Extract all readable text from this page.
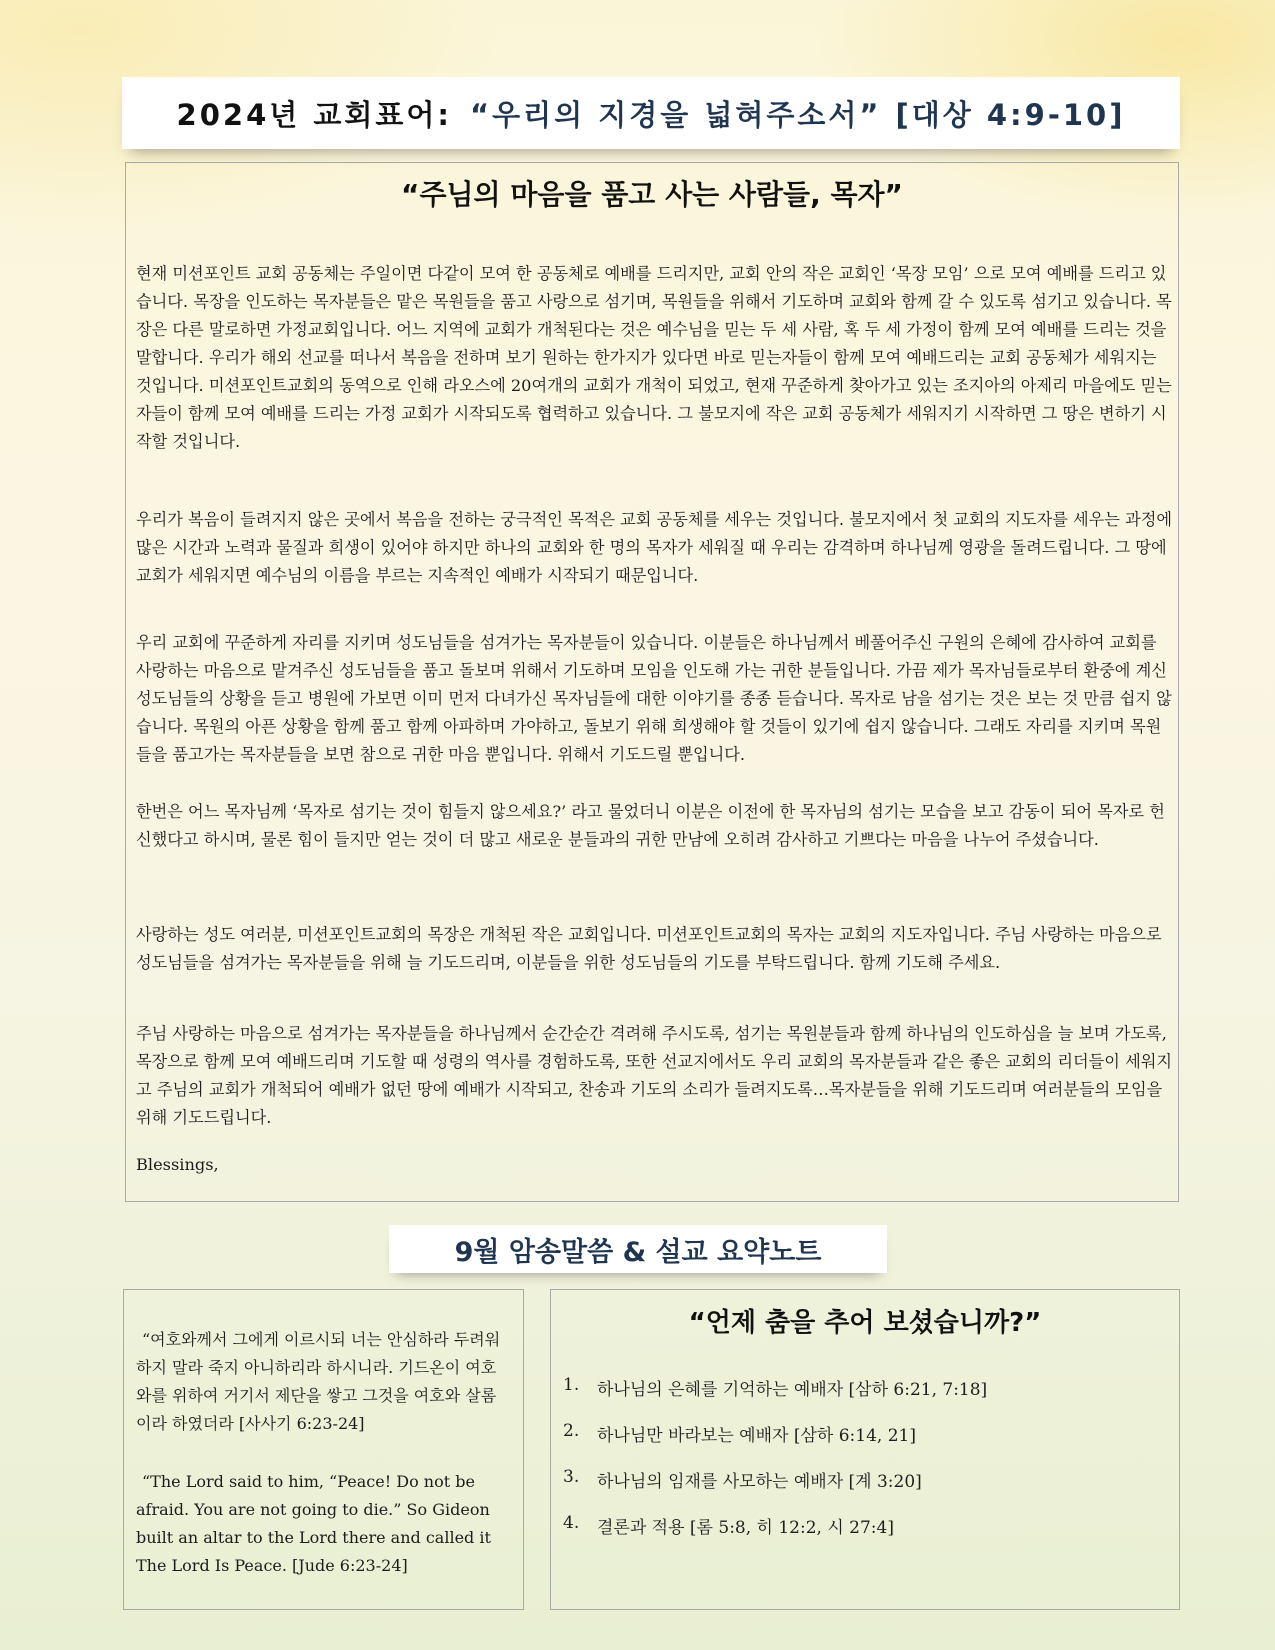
2024년 교회표어: “우리의 지경을 넓혀주소서” [대상 4:9-10]
“주님의 마음을 품고 사는 사람들, 목자”

현재 미션포인트 교회 공동체는 주일이면 다같이 모여 한 공동체로 예배를 드리지만, 교회 안의 작은 교회인 ‘목장 모임’ 으로 모여 예배를 드리고 있습니다. 목장을 인도하는 목자분들은 맡은 목원들을 품고 사랑으로 섬기며, 목원들을 위해서 기도하며 교회와 함께 갈 수 있도록 섬기고 있습니다. 목장은 다른 말로하면 가정교회입니다. 어느 지역에 교회가 개척된다는 것은 예수님을 믿는 두 세 사람, 혹 두 세 가정이 함께 모여 예배를 드리는 것을 말합니다. 우리가 해외 선교를 떠나서 복음을 전하며 보기 원하는 한가지가 있다면 바로 믿는자들이 함께 모여 예배드리는 교회 공동체가 세워지는 것입니다. 미션포인트교회의 동역으로 인해 라오스에 20여개의 교회가 개척이 되었고, 현재 꾸준하게 찾아가고 있는 조지아의 아제리 마을에도 믿는자들이 함께 모여 예배를 드리는 가정 교회가 시작되도록 협력하고 있습니다. 그 불모지에 작은 교회 공동체가 세워지기 시작하면 그 땅은 변하기 시작할 것입니다.

우리가 복음이 들려지지 않은 곳에서 복음을 전하는 궁극적인 목적은 교회 공동체를 세우는 것입니다. 불모지에서 첫 교회의 지도자를 세우는 과정에 많은 시간과 노력과 물질과 희생이 있어야 하지만 하나의 교회와 한 명의 목자가 세워질 때 우리는 감격하며 하나님께 영광을 돌려드립니다. 그 땅에 교회가 세워지면 예수님의 이름을 부르는 지속적인 예배가 시작되기 때문입니다.

우리 교회에 꾸준하게 자리를 지키며 성도님들을 섬겨가는 목자분들이 있습니다. 이분들은 하나님께서 베풀어주신 구원의 은혜에 감사하여 교회를 사랑하는 마음으로 맡겨주신 성도님들을 품고 돌보며 위해서 기도하며 모임을 인도해 가는 귀한 분들입니다. 가끔 제가 목자님들로부터 환중에 계신 성도님들의 상황을 듣고 병원에 가보면 이미 먼저 다녀가신 목자님들에 대한 이야기를 종종 듣습니다. 목자로 남을 섬기는 것은 보는 것 만큼 쉽지 않습니다. 목원의 아픈 상황을 함께 품고 함께 아파하며 가야하고, 돌보기 위해 희생해야 할 것들이 있기에 쉽지 않습니다. 그래도 자리를 지키며 목원들을 품고가는 목자분들을 보면 참으로 귀한 마음 뿐입니다. 위해서 기도드릴 뿐입니다.

한번은 어느 목자님께 ‘목자로 섬기는 것이 힘들지 않으세요?’ 라고 물었더니 이분은 이전에 한 목자님의 섬기는 모습을 보고 감동이 되어 목자로 헌신했다고 하시며, 물론 힘이 들지만 얻는 것이 더 많고 새로운 분들과의 귀한 만남에 오히려 감사하고 기쁘다는 마음을 나누어 주셨습니다.

사랑하는 성도 여러분, 미션포인트교회의 목장은 개척된 작은 교회입니다. 미션포인트교회의 목자는 교회의 지도자입니다. 주님 사랑하는 마음으로 성도님들을 섬겨가는 목자분들을 위해 늘 기도드리며, 이분들을 위한 성도님들의 기도를 부탁드립니다. 함께 기도해 주세요.

주님 사랑하는 마음으로 섬겨가는 목자분들을 하나님께서 순간순간 격려해 주시도록, 섬기는 목원분들과 함께 하나님의 인도하심을 늘 보며 가도록, 목장으로 함께 모여 예배드리며 기도할 때 성령의 역사를 경험하도록, 또한 선교지에서도 우리 교회의 목자분들과 같은 좋은 교회의 리더들이 세워지고 주님의 교회가 개척되어 예배가 없던 땅에 예배가 시작되고, 찬송과 기도의 소리가 들려지도록…목자분들을 위해 기도드리며 여러분들의 모임을 위해 기도드립니다.

Blessings,

9월 암송말씀 & 설교 요약노트

“여호와께서 그에게 이르시되 너는 안심하라 두려워하지 말라 죽지 아니하리라 하시니라. 기드온이 여호와를 위하여 거기서 제단을 쌓고 그것을 여호와 살롬이라 하였더라 [사사기 6:23-24]

“The Lord said to him, “Peace! Do not be afraid. You are not going to die.” So Gideon built an altar to the Lord there and called it The Lord Is Peace. [Jude 6:23-24]

“언제 춤을 추어 보셨습니까?”
1.	하나님의 은혜를 기억하는 예배자 [삼하 6:21, 7:18]
2.	하나님만 바라보는 예배자 [삼하 6:14, 21]
3.	하나님의 임재를 사모하는 예배자 [계 3:20]
4.	결론과 적용 [롬 5:8, 히 12:2, 시 27:4]
